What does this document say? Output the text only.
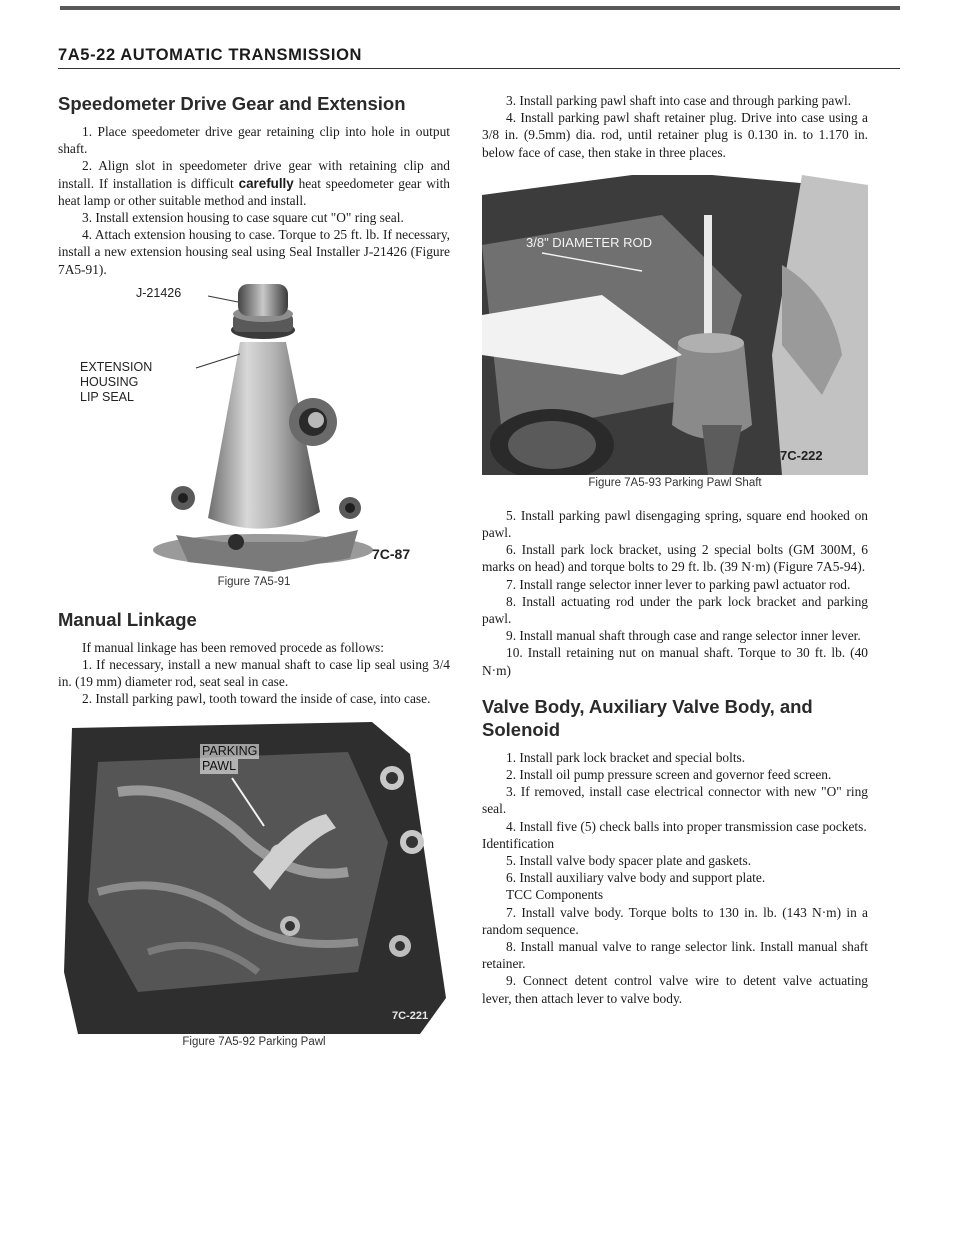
7A5-22 AUTOMATIC TRANSMISSION
Speedometer Drive Gear and Extension

1. Place speedometer drive gear retaining clip into hole in output shaft.

2. Align slot in speedometer drive gear with retaining clip and install. If installation is difficult carefully heat speedometer gear with heat lamp or other suitable method and install.

3. Install extension housing to case square cut "O" ring seal.

4. Attach extension housing to case. Torque to 25 ft. lb. If necessary, install a new extension housing seal using Seal Installer J-21426 (Figure 7A5-91).

J-21426
EXTENSION
HOUSING
LIP SEAL
7C-87
Figure 7A5-91
Manual Linkage

If manual linkage has been removed procede as follows:

1. If necessary, install a new manual shaft to case lip seal using 3/4 in. (19 mm) diameter rod, seat seal in case.

2. Install parking pawl, tooth toward the inside of case, into case.

PARKING
PAWL
7C-221
Figure 7A5-92 Parking Pawl

3. Install parking pawl shaft into case and through parking pawl.

4. Install parking pawl shaft retainer plug. Drive into case using a 3/8 in. (9.5mm) dia. rod, until retainer plug is 0.130 in. to 1.170 in. below face of case, then stake in three places.

3/8" DIAMETER ROD
7C-222
Figure 7A5-93 Parking Pawl Shaft

5. Install parking pawl disengaging spring, square end hooked on pawl.

6. Install park lock bracket, using 2 special bolts (GM 300M, 6 marks on head) and torque bolts to 29 ft. lb. (39 N·m) (Figure 7A5-94).

7. Install range selector inner lever to parking pawl actuator rod.

8. Install actuating rod under the park lock bracket and parking pawl.

9. Install manual shaft through case and range selector inner lever.

10. Install retaining nut on manual shaft. Torque to 30 ft. lb. (40 N·m)

Valve Body, Auxiliary Valve Body, and Solenoid

1. Install park lock bracket and special bolts.

2. Install oil pump pressure screen and governor feed screen.

3. If removed, install case electrical connector with new "O" ring seal.

4. Install five (5) check balls into proper transmission case pockets.

Identification

5. Install valve body spacer plate and gaskets.

6. Install auxiliary valve body and support plate.

TCC Components

7. Install valve body. Torque bolts to 130 in. lb. (143 N·m) in a random sequence.

8. Install manual valve to range selector link. Install manual shaft retainer.

9. Connect detent control valve wire to detent valve actuating lever, then attach lever to valve body.
